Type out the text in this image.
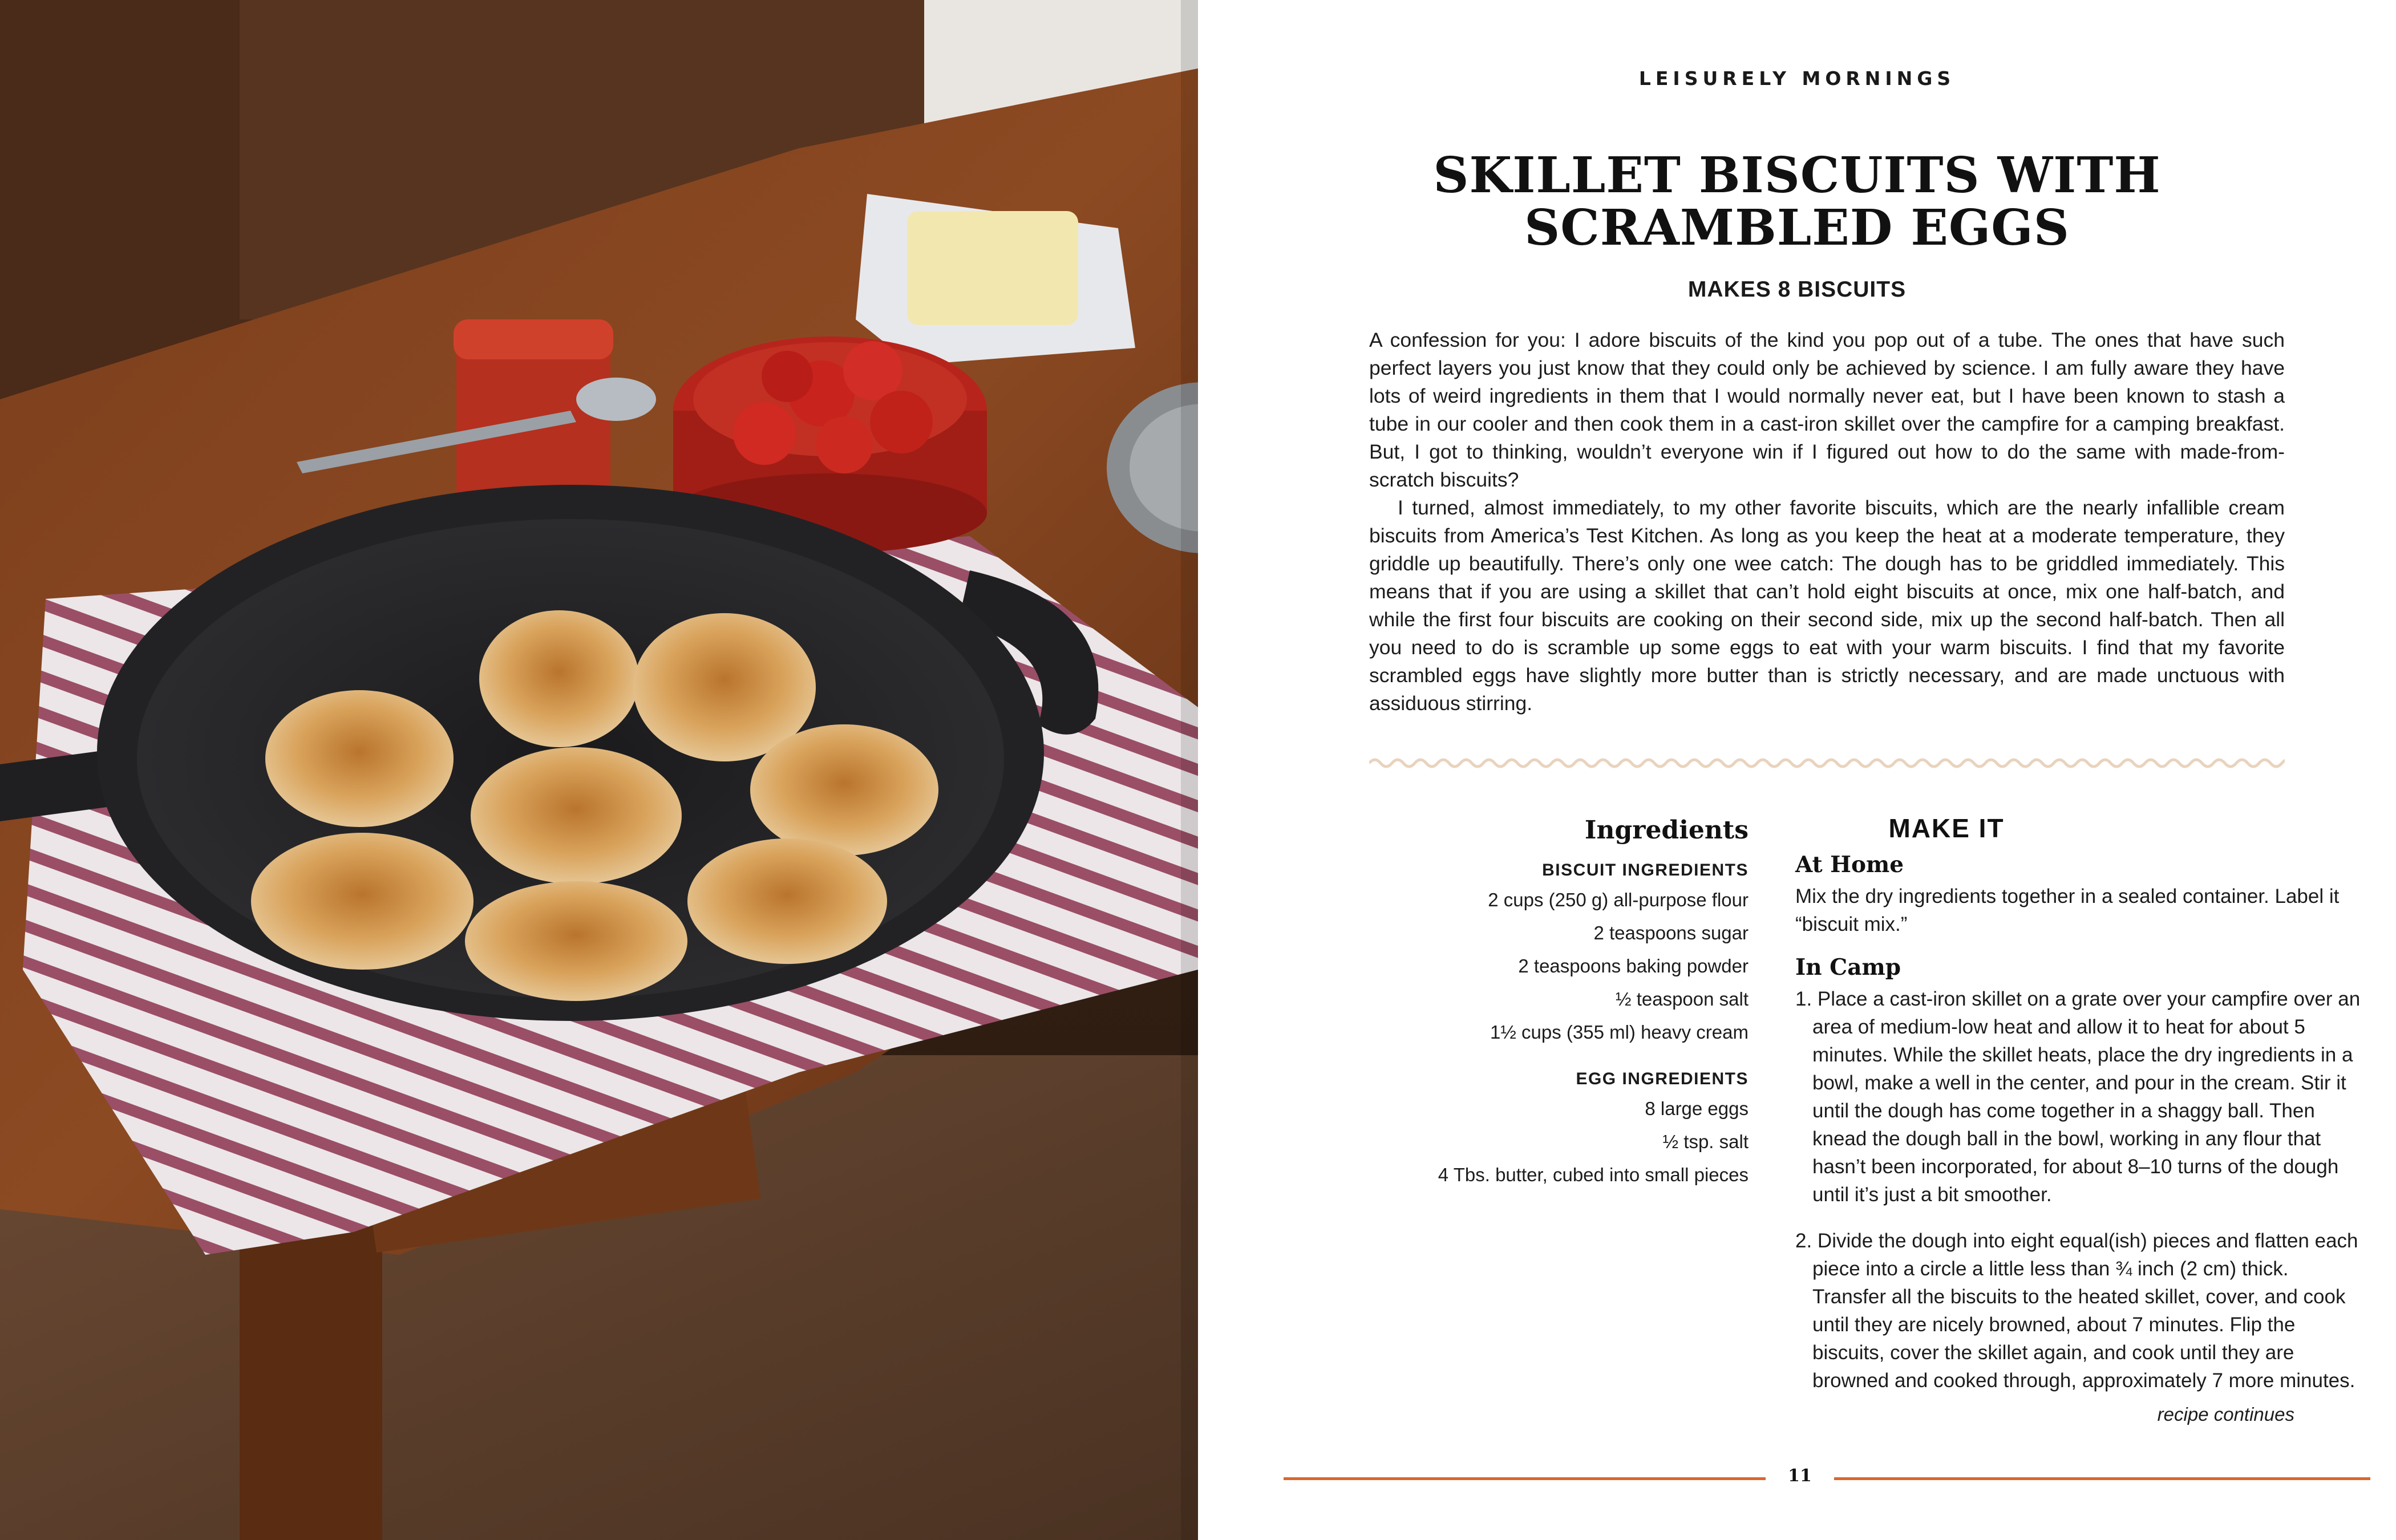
LEISURELY MORNINGS
SKILLET BISCUITS WITH
SCRAMBLED EGGS
MAKES 8 BISCUITS

A confession for you: I adore biscuits of the kind you pop out of a tube. The ones that have such perfect layers you just know that they could only be achieved by science. I am fully aware they have lots of weird ingredients in them that I would normally never eat, but I have been known to stash a tube in our cooler and then cook them in a cast-iron skillet over the campfire for a camping breakfast. But, I got to thinking, wouldn’t everyone win if I figured out how to do the same with made-from-scratch biscuits?

I turned, almost immediately, to my other favorite biscuits, which are the nearly infallible cream biscuits from America’s Test Kitchen. As long as you keep the heat at a moderate temperature, they griddle up beautifully. There’s only one wee catch: The dough has to be griddled immediately. This means that if you are using a skillet that can’t hold eight biscuits at once, mix one half-batch, and while the first four biscuits are cooking on their second side, mix up the second half-batch. Then all you need to do is scramble up some eggs to eat with your warm biscuits. I find that my favorite scrambled eggs have slightly more butter than is strictly necessary, and are made unctuous with assiduous stirring.

Ingredients
BISCUIT INGREDIENTS
2 cups (250 g) all-purpose flour
2 teaspoons sugar
2 teaspoons baking powder
½ teaspoon salt
1½ cups (355 ml) heavy cream
EGG INGREDIENTS
8 large eggs
½ tsp. salt
4 Tbs. butter, cubed into small pieces
MAKE IT
At Home

Mix the dry ingredients together in a sealed container. Label it “biscuit mix.”

In Camp
1. Place a cast-iron skillet on a grate over your campfire over an area of medium-low heat and allow it to heat for about 5 minutes. While the skillet heats, place the dry ingredients in a bowl, make a well in the center, and pour in the cream. Stir it until the dough has come together in a shaggy ball. Then knead the dough ball in the bowl, working in any flour that hasn’t been incorporated, for about 8–10 turns of the dough until it’s just a bit smoother.
2. Divide the dough into eight equal(ish) pieces and flatten each piece into a circle a little less than ¾ inch (2 cm) thick. Transfer all the biscuits to the heated skillet, cover, and cook until they are nicely browned, about 7 minutes. Flip the biscuits, cover the skillet again, and cook until they are browned and cooked through, approximately 7 more minutes.
recipe continues
11
